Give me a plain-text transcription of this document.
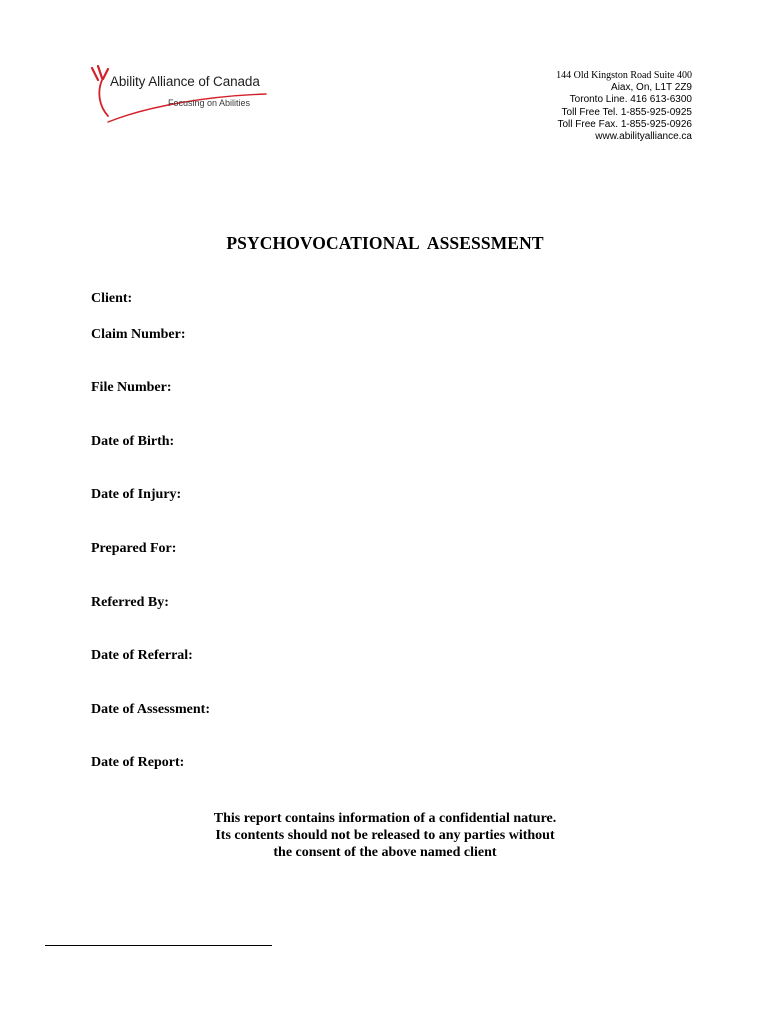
Ability Alliance of Canada
Focusing on Abilities
144 Old Kingston Road Suite 400
Aiax, On, L1T 2Z9
Toronto Line. 416 613-6300
Toll Free Tel. 1-855-925-0925
Toll Free Fax. 1-855-925-0926
www.abilityalliance.ca
PSYCHOVOCATIONAL  ASSESSMENT
Client:
Claim Number:
File Number:
Date of Birth:
Date of Injury:
Prepared For:
Referred By:
Date of Referral:
Date of Assessment:
Date of Report:
This report contains information of a confidential nature.
Its contents should not be released to any parties without
the consent of the above named client
